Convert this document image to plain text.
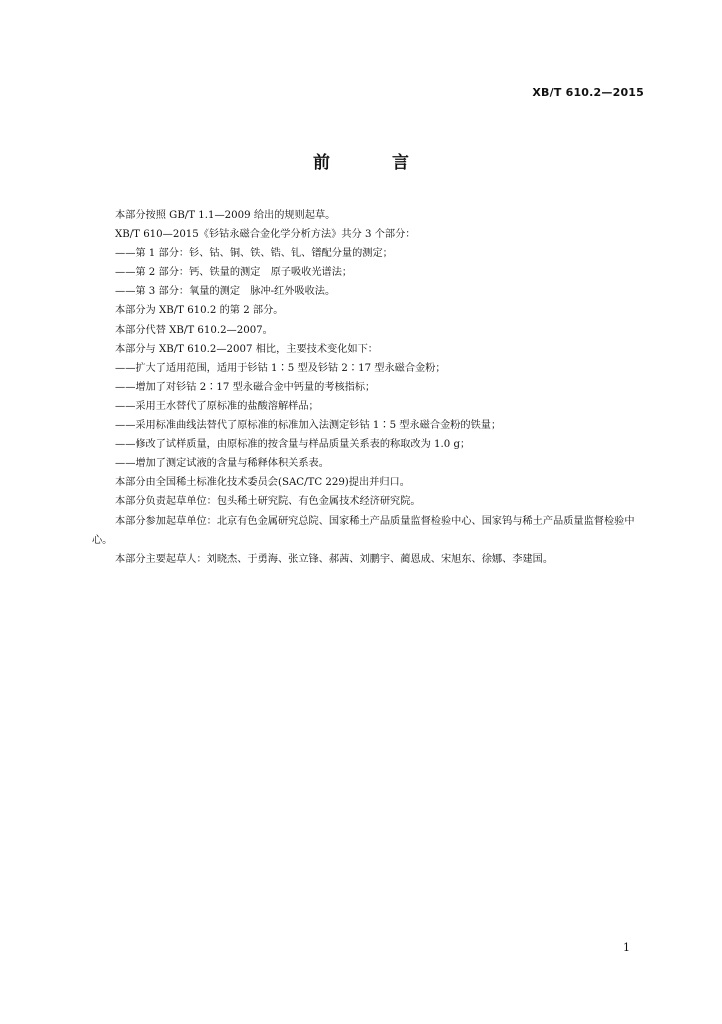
XB/T 610.2—2015
前 言

本部分按照 GB/T 1.1—2009 给出的规则起草。

XB/T 610—2015《钐钴永磁合金化学分析方法》共分 3 个部分：

——第 1 部分：钐、钴、铜、铁、锆、钆、镨配分量的测定；

——第 2 部分：钙、铁量的测定　原子吸收光谱法；

——第 3 部分：氧量的测定　脉冲-红外吸收法。

本部分为 XB/T 610.2 的第 2 部分。

本部分代替 XB/T 610.2—2007。

本部分与 XB/T 610.2—2007 相比，主要技术变化如下：

——扩大了适用范围，适用于钐钴 1∶5 型及钐钴 2∶17 型永磁合金粉；

——增加了对钐钴 2∶17 型永磁合金中钙量的考核指标；

——采用王水替代了原标准的盐酸溶解样品；

——采用标准曲线法替代了原标准的标准加入法测定钐钴 1∶5 型永磁合金粉的铁量；

——修改了试样质量，由原标准的按含量与样品质量关系表的称取改为 1.0 g；

——增加了测定试液的含量与稀释体积关系表。

本部分由全国稀土标准化技术委员会(SAC/TC 229)提出并归口。

本部分负责起草单位：包头稀土研究院、有色金属技术经济研究院。

本部分参加起草单位：北京有色金属研究总院、国家稀土产品质量监督检验中心、国家钨与稀土产品质量监督检验中心。

本部分主要起草人：刘晓杰、于勇海、张立锋、郝茜、刘鹏宇、蔺恩成、宋旭东、徐娜、李建国。

1
